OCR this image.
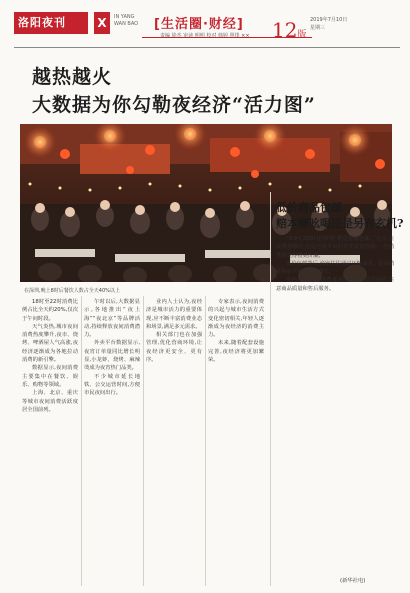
洛阳夜刊	X	IN YANG WAN BAO	[生活圈·财经] 12版
2019年7月10日
星期三
责编 徐杰 审读 明明 校对 韩婷 照排 ××
越热越火
大数据为你勾勒夜经济“活力图”
在深圳,晚上8时后餐饮人数占全天40%以上

18时至22时消费比例占比全天约20%,仅次于午间时段。

天气炎热,城市夜间消费热度攀升,夜市、烧烤、啤酒屋人气高涨,夜经济逐渐成为各地拉动消费的新引擎。

数据显示,夜间消费主要集中在餐饮、娱乐、购物等领域。

上海、北京、重庆等城市夜间消费活跃度居全国前列。

午时以后,大数据显示,各地推出“夜上海”“夜北京”等品牌活动,持续释放夜间消费潜力。

外卖平台数据显示,夜宵订单量同比增长明显,小龙虾、烧烤、麻辣烫成为夜宵热门品类。

不少城市延长地铁、公交运营时间,方便市民夜间出行。

业内人士认为,夜经济是城市活力的重要体现,应不断丰富消费业态和场景,满足多元需求。

相关部门也在加强管理,优化营商环境,让夜经济更安全、更有序。

专家表示,夜间消费的兴起与城市生活方式变化密切相关,年轻人逐渐成为夜经济的消费主力。

未来,随着配套设施完善,夜经济将更加繁荣。

低价商品包邮
赔本赚吆喝还是另有玄机?

“9.9元200只拉杆袋,赠送运输包邮。”近日,在消费者眼中,这是电商平台的常见促销套路,一些消费者觉得物美价廉。

低价包邮背后,商家往往通过压缩成本、提高销量换取平台流量和曝光。

业内人士提醒,消费者应理性看待低价促销,注意商品质量和售后服务。

(新华社电)
